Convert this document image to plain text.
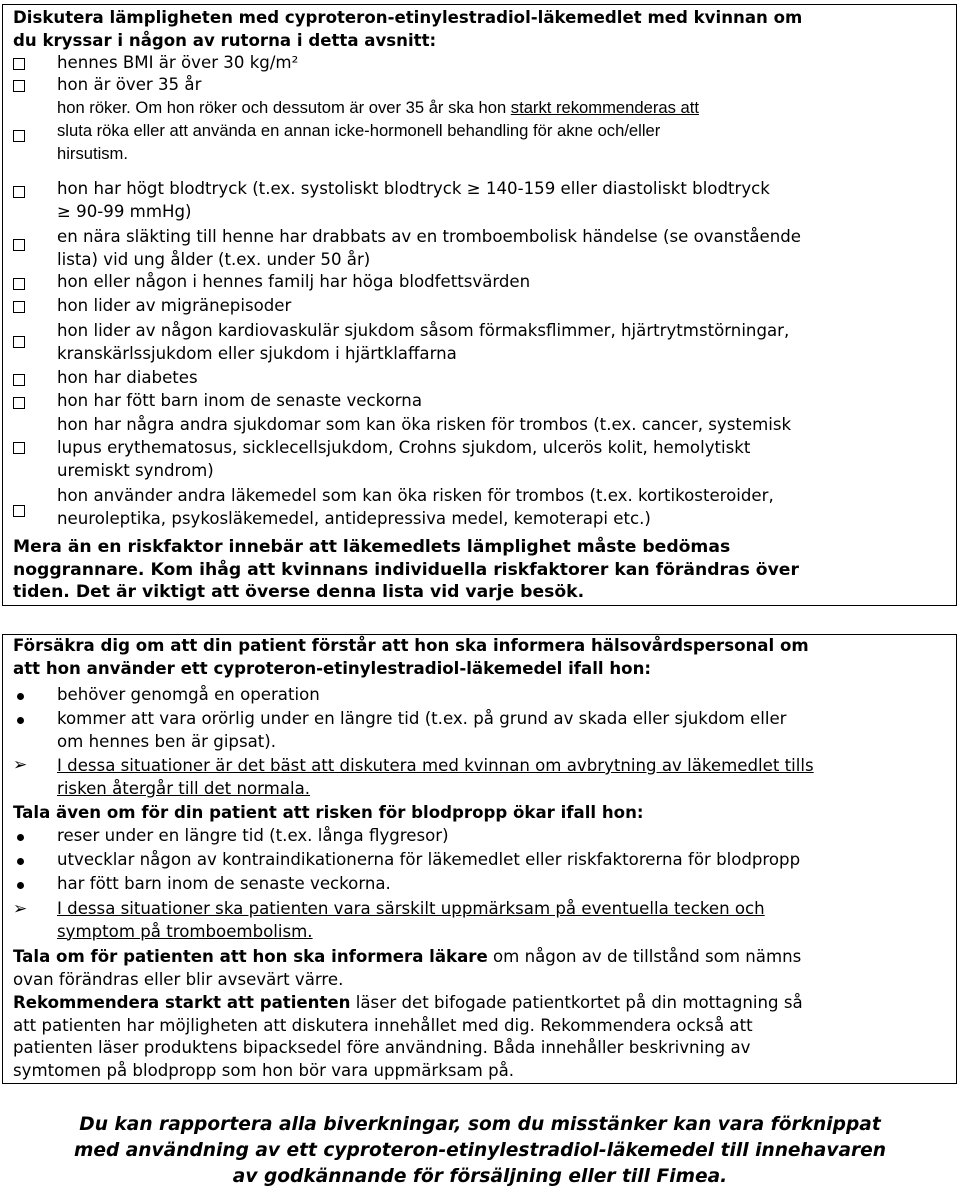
Diskutera lämpligheten med cyproteron-etinylestradiol-läkemedlet med kvinnan om
du kryssar i någon av rutorna i detta avsnitt:
hennes BMI är över 30 kg/m²
hon är över 35 år
hon röker. Om hon röker och dessutom är over 35 år ska hon starkt rekommenderas att
sluta röka eller att använda en annan icke-hormonell behandling för akne och/eller
hirsutism.
hon har högt blodtryck (t.ex. systoliskt blodtryck ≥ 140-159 eller diastoliskt blodtryck
≥ 90-99 mmHg)
en nära släkting till henne har drabbats av en tromboembolisk händelse (se ovanstående
lista) vid ung ålder (t.ex. under 50 år)
hon eller någon i hennes familj har höga blodfettsvärden
hon lider av migränepisoder
hon lider av någon kardiovaskulär sjukdom såsom förmaksflimmer, hjärtrytmstörningar,
kranskärlssjukdom eller sjukdom i hjärtklaffarna
hon har diabetes
hon har fött barn inom de senaste veckorna
hon har några andra sjukdomar som kan öka risken för trombos (t.ex. cancer, systemisk
lupus erythematosus, sicklecellsjukdom, Crohns sjukdom, ulcerös kolit, hemolytiskt
uremiskt syndrom)
hon använder andra läkemedel som kan öka risken för trombos (t.ex. kortikosteroider,
neuroleptika, psykosläkemedel, antidepressiva medel, kemoterapi etc.)
Mera än en riskfaktor innebär att läkemedlets lämplighet måste bedömas
noggrannare. Kom ihåg att kvinnans individuella riskfaktorer kan förändras över
tiden. Det är viktigt att överse denna lista vid varje besök.
Försäkra dig om att din patient förstår att hon ska informera hälsovårdspersonal om
att hon använder ett cyproteron-etinylestradiol-läkemedel ifall hon:
behöver genomgå en operation
kommer att vara orörlig under en längre tid (t.ex. på grund av skada eller sjukdom eller
om hennes ben är gipsat).
➢ I dessa situationer är det bäst att diskutera med kvinnan om avbrytning av läkemedlet tills
risken återgår till det normala.
Tala även om för din patient att risken för blodpropp ökar ifall hon:
reser under en längre tid (t.ex. långa flygresor)
utvecklar någon av kontraindikationerna för läkemedlet eller riskfaktorerna för blodpropp
har fött barn inom de senaste veckorna.
➢ I dessa situationer ska patienten vara särskilt uppmärksam på eventuella tecken och
symptom på tromboembolism.
Tala om för patienten att hon ska informera läkare om någon av de tillstånd som nämns
ovan förändras eller blir avsevärt värre.
Rekommendera starkt att patienten läser det bifogade patientkortet på din mottagning så
att patienten har möjligheten att diskutera innehållet med dig. Rekommendera också att
patienten läser produktens bipacksedel före användning. Båda innehåller beskrivning av
symtomen på blodpropp som hon bör vara uppmärksam på.
Du kan rapportera alla biverkningar, som du misstänker kan vara förknippat
med användning av ett cyproteron-etinylestradiol-läkemedel till innehavaren
av godkännande för försäljning eller till Fimea.
